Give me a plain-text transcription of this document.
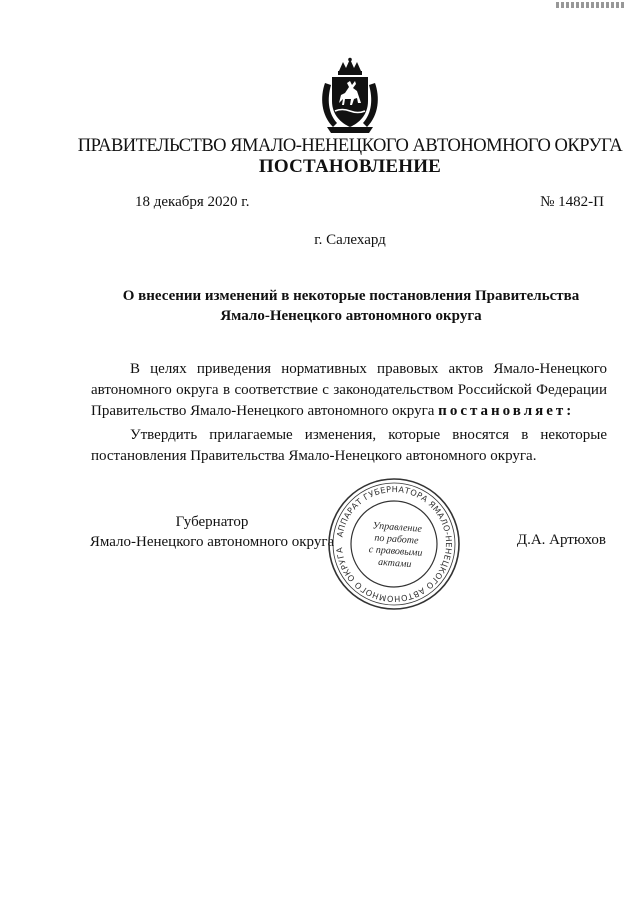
ПРАВИТЕЛЬСТВО ЯМАЛО-НЕНЕЦКОГО АВТОНОМНОГО ОКРУГА
ПОСТАНОВЛЕНИЕ
18 декабря 2020 г.	№ 1482-П
г. Салехард
О внесении изменений в некоторые постановления Правительства
Ямало-Ненецкого автономного округа
В целях приведения нормативных правовых актов Ямало-Ненецкого автономного округа в соответствие с законодательством Российской Федерации Правительство Ямало-Ненецкого автономного округа постановляет:
Утвердить прилагаемые изменения, которые вносятся в некоторые постановления Правительства Ямало-Ненецкого автономного округа.
Губернатор
Ямало-Ненецкого автономного округа
АППАРАТ ГУБЕРНАТОРА ЯМАЛО-НЕНЕЦКОГО АВТОНОМНОГО ОКРУГА
Управление
по работе
с правовыми
актами
Д.А. Артюхов
